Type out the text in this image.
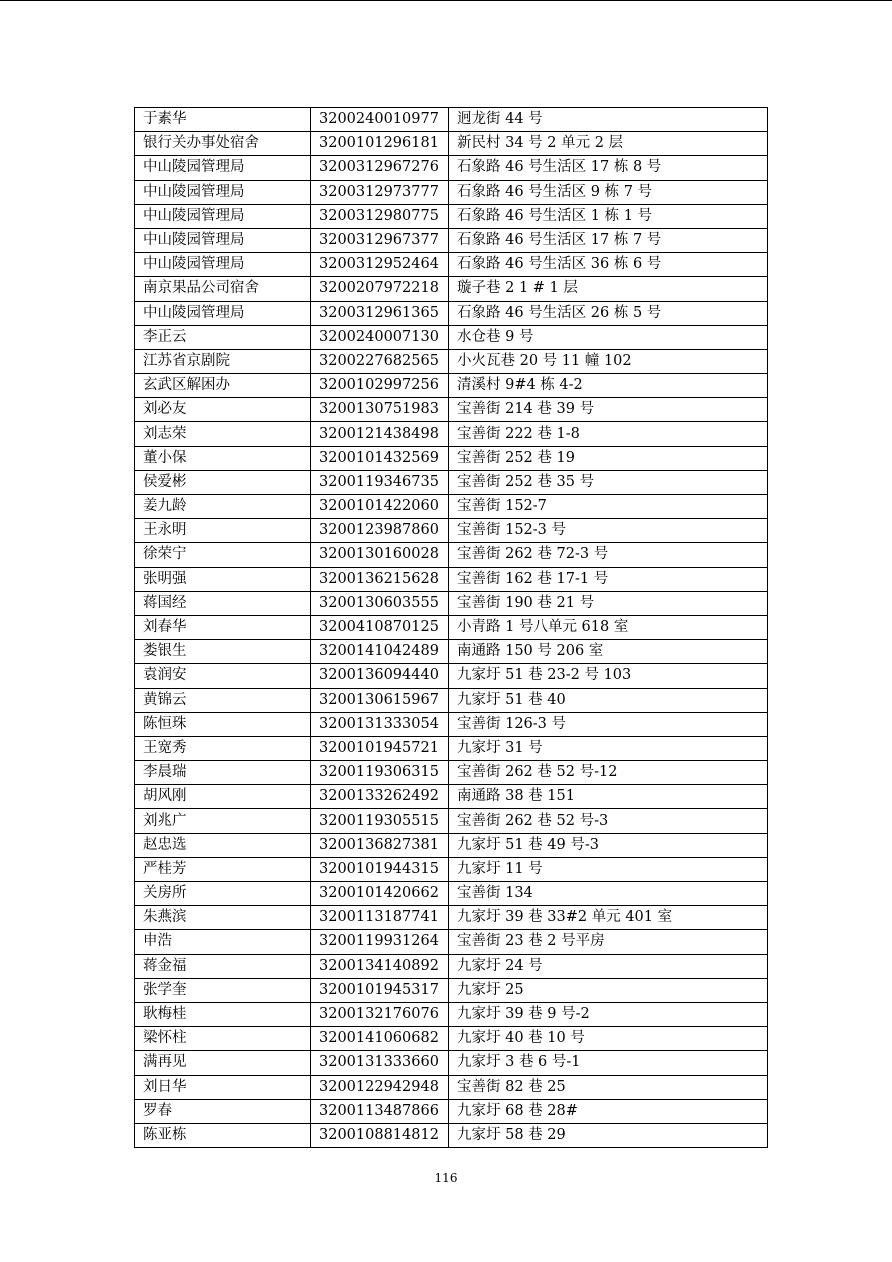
于素华	3200240010977	迥龙街 44 号
银行关办事处宿舍	3200101296181	新民村 34 号 2 单元 2 层
中山陵园管理局	3200312967276	石象路 46 号生活区 17 栋 8 号
中山陵园管理局	3200312973777	石象路 46 号生活区 9 栋 7 号
中山陵园管理局	3200312980775	石象路 46 号生活区 1 栋 1 号
中山陵园管理局	3200312967377	石象路 46 号生活区 17 栋 7 号
中山陵园管理局	3200312952464	石象路 46 号生活区 36 栋 6 号
南京果品公司宿舍	3200207972218	璇子巷 2 1 # 1 层
中山陵园管理局	3200312961365	石象路 46 号生活区 26 栋 5 号
李正云	3200240007130	水仓巷 9 号
江苏省京剧院	3200227682565	小火瓦巷 20 号 11 幢 102
玄武区解困办	3200102997256	清溪村 9#4 栋 4-2
刘必友	3200130751983	宝善街 214 巷 39 号
刘志荣	3200121438498	宝善街 222 巷 1-8
董小保	3200101432569	宝善街 252 巷 19
侯爱彬	3200119346735	宝善街 252 巷 35 号
姜九龄	3200101422060	宝善街 152-7
王永明	3200123987860	宝善街 152-3 号
徐荣宁	3200130160028	宝善街 262 巷 72-3 号
张明强	3200136215628	宝善街 162 巷 17-1 号
蒋国经	3200130603555	宝善街 190 巷 21 号
刘春华	3200410870125	小青路 1 号八单元 618 室
娄银生	3200141042489	南通路 150 号 206 室
袁润安	3200136094440	九家圩 51 巷 23-2 号 103
黄锦云	3200130615967	九家圩 51 巷 40
陈恒珠	3200131333054	宝善街 126-3 号
王宽秀	3200101945721	九家圩 31 号
李晨瑞	3200119306315	宝善街 262 巷 52 号-12
胡风刚	3200133262492	南通路 38 巷 151
刘兆广	3200119305515	宝善街 262 巷 52 号-3
赵忠选	3200136827381	九家圩 51 巷 49 号-3
严桂芳	3200101944315	九家圩 11 号
关房所	3200101420662	宝善街 134
朱燕滨	3200113187741	九家圩 39 巷 33#2 单元 401 室
申浩	3200119931264	宝善街 23 巷 2 号平房
蒋金福	3200134140892	九家圩 24 号
张学奎	3200101945317	九家圩 25
耿梅桂	3200132176076	九家圩 39 巷 9 号-2
梁怀柱	3200141060682	九家圩 40 巷 10 号
满再见	3200131333660	九家圩 3 巷 6 号-1
刘日华	3200122942948	宝善街 82 巷 25
罗春	3200113487866	九家圩 68 巷 28#
陈亚栋	3200108814812	九家圩 58 巷 29
116
